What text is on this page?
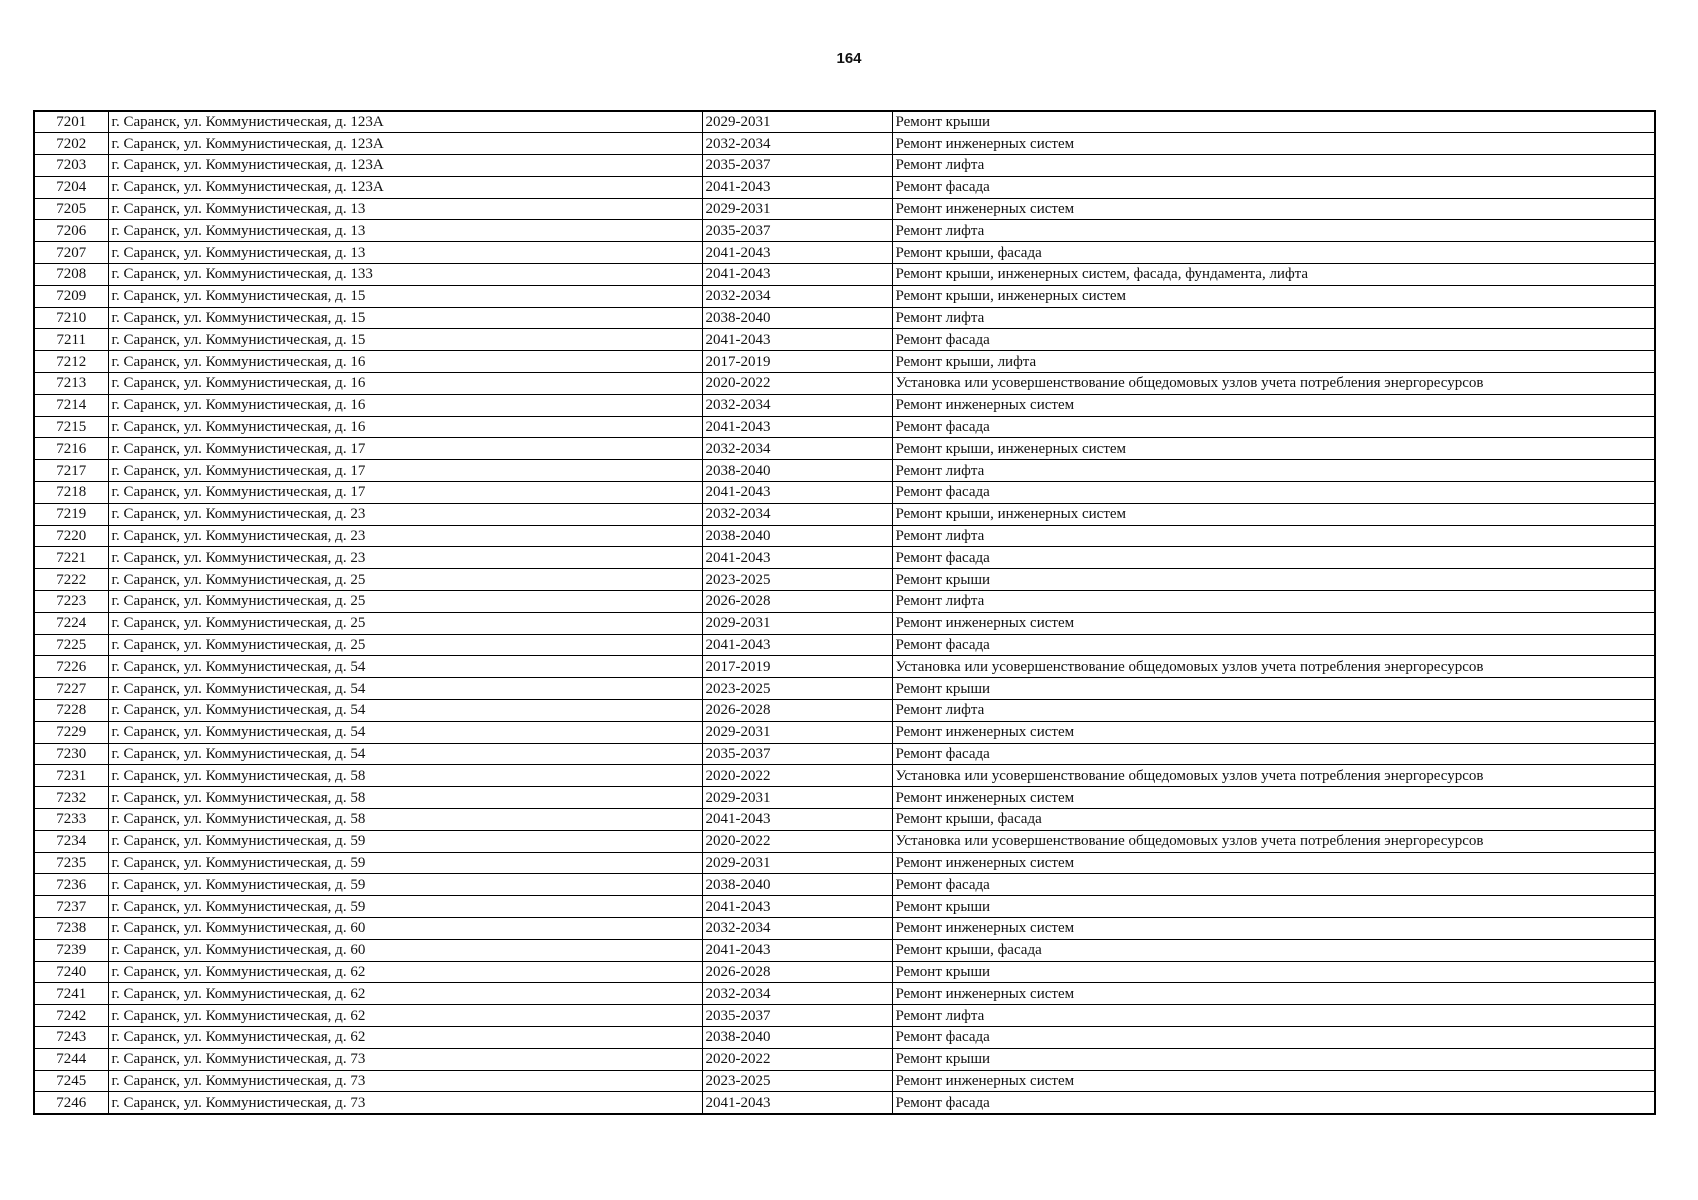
164
7201	г. Саранск, ул. Коммунистическая, д. 123А	2029-2031	Ремонт крыши
7202	г. Саранск, ул. Коммунистическая, д. 123А	2032-2034	Ремонт инженерных систем
7203	г. Саранск, ул. Коммунистическая, д. 123А	2035-2037	Ремонт лифта
7204	г. Саранск, ул. Коммунистическая, д. 123А	2041-2043	Ремонт фасада
7205	г. Саранск, ул. Коммунистическая, д. 13	2029-2031	Ремонт инженерных систем
7206	г. Саранск, ул. Коммунистическая, д. 13	2035-2037	Ремонт лифта
7207	г. Саранск, ул. Коммунистическая, д. 13	2041-2043	Ремонт крыши, фасада
7208	г. Саранск, ул. Коммунистическая, д. 133	2041-2043	Ремонт крыши, инженерных систем, фасада, фундамента, лифта
7209	г. Саранск, ул. Коммунистическая, д. 15	2032-2034	Ремонт крыши, инженерных систем
7210	г. Саранск, ул. Коммунистическая, д. 15	2038-2040	Ремонт лифта
7211	г. Саранск, ул. Коммунистическая, д. 15	2041-2043	Ремонт фасада
7212	г. Саранск, ул. Коммунистическая, д. 16	2017-2019	Ремонт крыши, лифта
7213	г. Саранск, ул. Коммунистическая, д. 16	2020-2022	Установка или усовершенствование общедомовых узлов учета потребления энергоресурсов
7214	г. Саранск, ул. Коммунистическая, д. 16	2032-2034	Ремонт инженерных систем
7215	г. Саранск, ул. Коммунистическая, д. 16	2041-2043	Ремонт фасада
7216	г. Саранск, ул. Коммунистическая, д. 17	2032-2034	Ремонт крыши, инженерных систем
7217	г. Саранск, ул. Коммунистическая, д. 17	2038-2040	Ремонт лифта
7218	г. Саранск, ул. Коммунистическая, д. 17	2041-2043	Ремонт фасада
7219	г. Саранск, ул. Коммунистическая, д. 23	2032-2034	Ремонт крыши, инженерных систем
7220	г. Саранск, ул. Коммунистическая, д. 23	2038-2040	Ремонт лифта
7221	г. Саранск, ул. Коммунистическая, д. 23	2041-2043	Ремонт фасада
7222	г. Саранск, ул. Коммунистическая, д. 25	2023-2025	Ремонт крыши
7223	г. Саранск, ул. Коммунистическая, д. 25	2026-2028	Ремонт лифта
7224	г. Саранск, ул. Коммунистическая, д. 25	2029-2031	Ремонт инженерных систем
7225	г. Саранск, ул. Коммунистическая, д. 25	2041-2043	Ремонт фасада
7226	г. Саранск, ул. Коммунистическая, д. 54	2017-2019	Установка или усовершенствование общедомовых узлов учета потребления энергоресурсов
7227	г. Саранск, ул. Коммунистическая, д. 54	2023-2025	Ремонт крыши
7228	г. Саранск, ул. Коммунистическая, д. 54	2026-2028	Ремонт лифта
7229	г. Саранск, ул. Коммунистическая, д. 54	2029-2031	Ремонт инженерных систем
7230	г. Саранск, ул. Коммунистическая, д. 54	2035-2037	Ремонт фасада
7231	г. Саранск, ул. Коммунистическая, д. 58	2020-2022	Установка или усовершенствование общедомовых узлов учета потребления энергоресурсов
7232	г. Саранск, ул. Коммунистическая, д. 58	2029-2031	Ремонт инженерных систем
7233	г. Саранск, ул. Коммунистическая, д. 58	2041-2043	Ремонт крыши, фасада
7234	г. Саранск, ул. Коммунистическая, д. 59	2020-2022	Установка или усовершенствование общедомовых узлов учета потребления энергоресурсов
7235	г. Саранск, ул. Коммунистическая, д. 59	2029-2031	Ремонт инженерных систем
7236	г. Саранск, ул. Коммунистическая, д. 59	2038-2040	Ремонт фасада
7237	г. Саранск, ул. Коммунистическая, д. 59	2041-2043	Ремонт крыши
7238	г. Саранск, ул. Коммунистическая, д. 60	2032-2034	Ремонт инженерных систем
7239	г. Саранск, ул. Коммунистическая, д. 60	2041-2043	Ремонт крыши, фасада
7240	г. Саранск, ул. Коммунистическая, д. 62	2026-2028	Ремонт крыши
7241	г. Саранск, ул. Коммунистическая, д. 62	2032-2034	Ремонт инженерных систем
7242	г. Саранск, ул. Коммунистическая, д. 62	2035-2037	Ремонт лифта
7243	г. Саранск, ул. Коммунистическая, д. 62	2038-2040	Ремонт фасада
7244	г. Саранск, ул. Коммунистическая, д. 73	2020-2022	Ремонт крыши
7245	г. Саранск, ул. Коммунистическая, д. 73	2023-2025	Ремонт инженерных систем
7246	г. Саранск, ул. Коммунистическая, д. 73	2041-2043	Ремонт фасада
